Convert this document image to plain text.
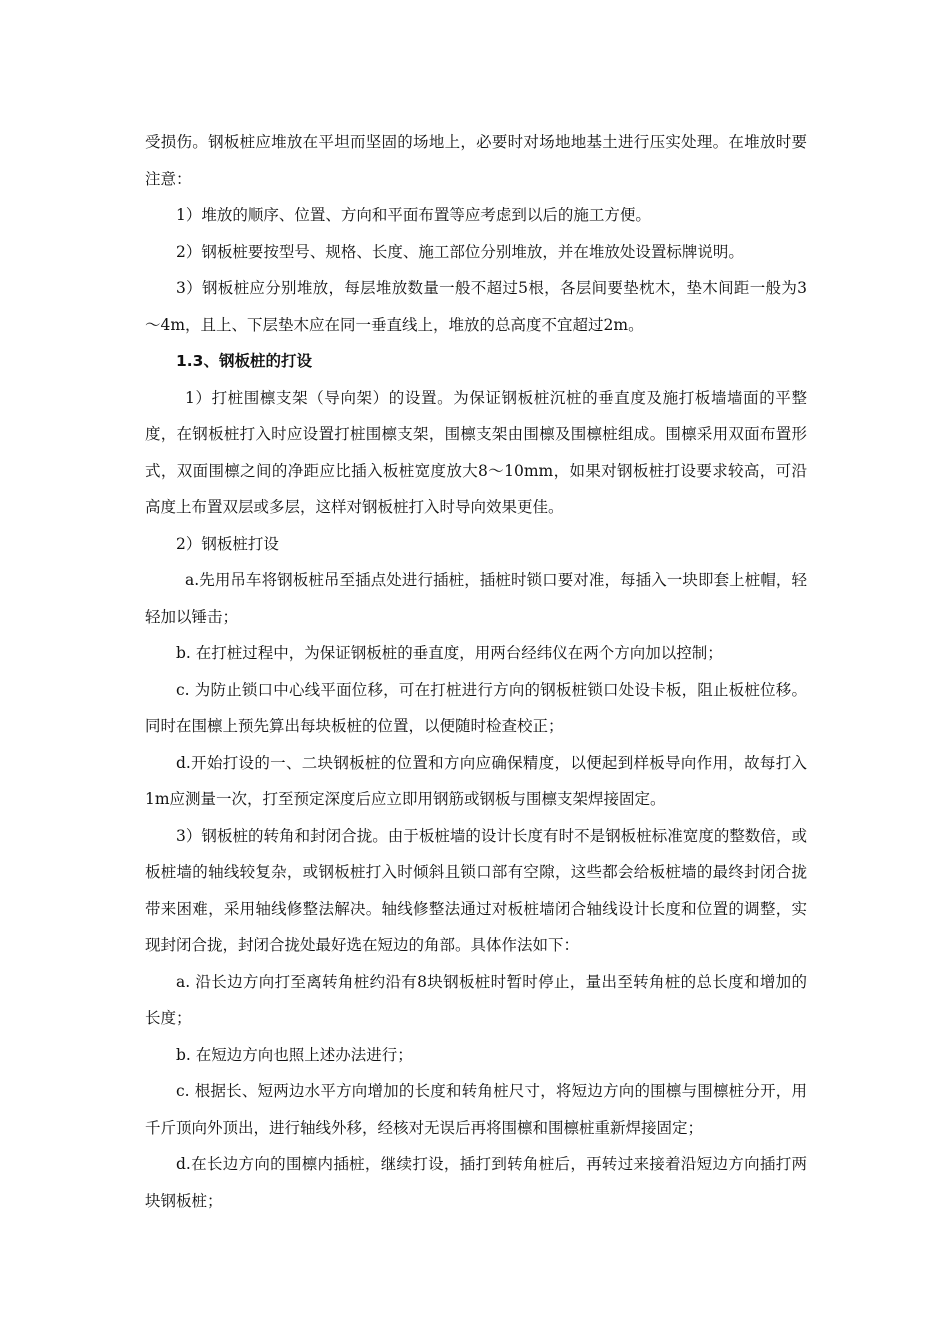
受损伤。钢板桩应堆放在平坦而坚固的场地上，必要时对场地地基土进行压实处理。在堆放时要注意：

1）堆放的顺序、位置、方向和平面布置等应考虑到以后的施工方便。

2）钢板桩要按型号、规格、长度、施工部位分别堆放，并在堆放处设置标牌说明。

3）钢板桩应分别堆放，每层堆放数量一般不超过5根，各层间要垫枕木，垫木间距一般为3～4m，且上、下层垫木应在同一垂直线上，堆放的总高度不宜超过2m。

1.3、钢板桩的打设

1）打桩围檩支架（导向架）的设置。为保证钢板桩沉桩的垂直度及施打板墙墙面的平整度，在钢板桩打入时应设置打桩围檩支架，围檩支架由围檩及围檩桩组成。围檩采用双面布置形式，双面围檩之间的净距应比插入板桩宽度放大8～10mm，如果对钢板桩打设要求较高，可沿高度上布置双层或多层，这样对钢板桩打入时导向效果更佳。

2）钢板桩打设

a.先用吊车将钢板桩吊至插点处进行插桩，插桩时锁口要对准，每插入一块即套上桩帽，轻轻加以锤击；

b. 在打桩过程中，为保证钢板桩的垂直度，用两台经纬仪在两个方向加以控制；

c. 为防止锁口中心线平面位移，可在打桩进行方向的钢板桩锁口处设卡板，阻止板桩位移。同时在围檩上预先算出每块板桩的位置，以便随时检查校正；

d.开始打设的一、二块钢板桩的位置和方向应确保精度，以便起到样板导向作用，故每打入1m应测量一次，打至预定深度后应立即用钢筋或钢板与围檩支架焊接固定。

3）钢板桩的转角和封闭合拢。由于板桩墙的设计长度有时不是钢板桩标准宽度的整数倍，或板桩墙的轴线较复杂，或钢板桩打入时倾斜且锁口部有空隙，这些都会给板桩墙的最终封闭合拢带来困难，采用轴线修整法解决。轴线修整法通过对板桩墙闭合轴线设计长度和位置的调整，实现封闭合拢，封闭合拢处最好选在短边的角部。具体作法如下：

a. 沿长边方向打至离转角桩约沿有8块钢板桩时暂时停止，量出至转角桩的总长度和增加的长度；

b. 在短边方向也照上述办法进行；

c. 根据长、短两边水平方向增加的长度和转角桩尺寸，将短边方向的围檩与围檩桩分开，用千斤顶向外顶出，进行轴线外移，经核对无误后再将围檩和围檩桩重新焊接固定；

d.在长边方向的围檩内插桩，继续打设，插打到转角桩后，再转过来接着沿短边方向插打两块钢板桩；
